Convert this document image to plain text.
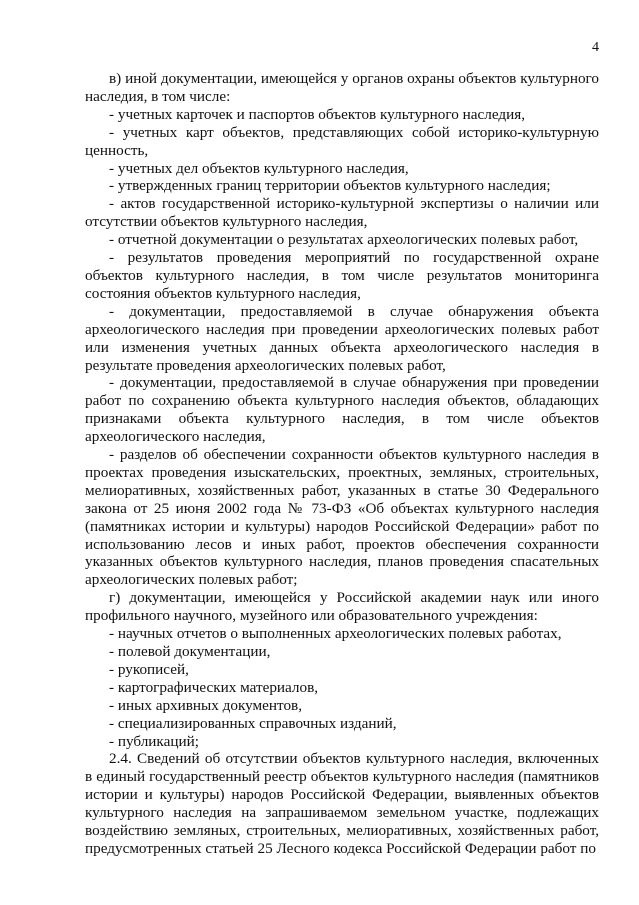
4

в) иной документации, имеющейся у органов охраны объектов культурного наследия, в том числе:

- учетных карточек и паспортов объектов культурного наследия,

- учетных карт объектов, представляющих собой историко-культурную ценность,

- учетных дел объектов культурного наследия,

- утвержденных границ территории объектов культурного наследия;

- актов государственной историко-культурной экспертизы о наличии или отсутствии объектов культурного наследия,

- отчетной документации о результатах археологических полевых работ,

- результатов проведения мероприятий по государственной охране объектов культурного наследия, в том числе результатов мониторинга состояния объектов культурного наследия,

- документации, предоставляемой в случае обнаружения объекта археологического наследия при проведении археологических полевых работ или изменения учетных данных объекта археологического наследия в результате проведения археологических полевых работ,

- документации, предоставляемой в случае обнаружения при проведении работ по сохранению объекта культурного наследия объектов, обладающих признаками объекта культурного наследия, в том числе объектов археологического наследия,

- разделов об обеспечении сохранности объектов культурного наследия в проектах проведения изыскательских, проектных, земляных, строительных, мелиоративных, хозяйственных работ, указанных в статье 30 Федерального закона от 25 июня 2002 года № 73-ФЗ «Об объектах культурного наследия (памятниках истории и культуры) народов Российской Федерации» работ по использованию лесов и иных работ, проектов обеспечения сохранности указанных объектов культурного наследия, планов проведения спасательных археологических полевых работ;

г) документации, имеющейся у Российской академии наук или иного профильного научного, музейного или образовательного учреждения:

- научных отчетов о выполненных археологических полевых работах,

- полевой документации,

- рукописей,

- картографических материалов,

- иных архивных документов,

- специализированных справочных изданий,

- публикаций;

2.4. Сведений об отсутствии объектов культурного наследия, включенных в единый государственный реестр объектов культурного наследия (памятников истории и культуры) народов Российской Федерации, выявленных объектов культурного наследия на запрашиваемом земельном участке, подлежащих воздействию земляных, строительных, мелиоративных, хозяйственных работ, предусмотренных статьей 25 Лесного кодекса Российской Федерации работ по
